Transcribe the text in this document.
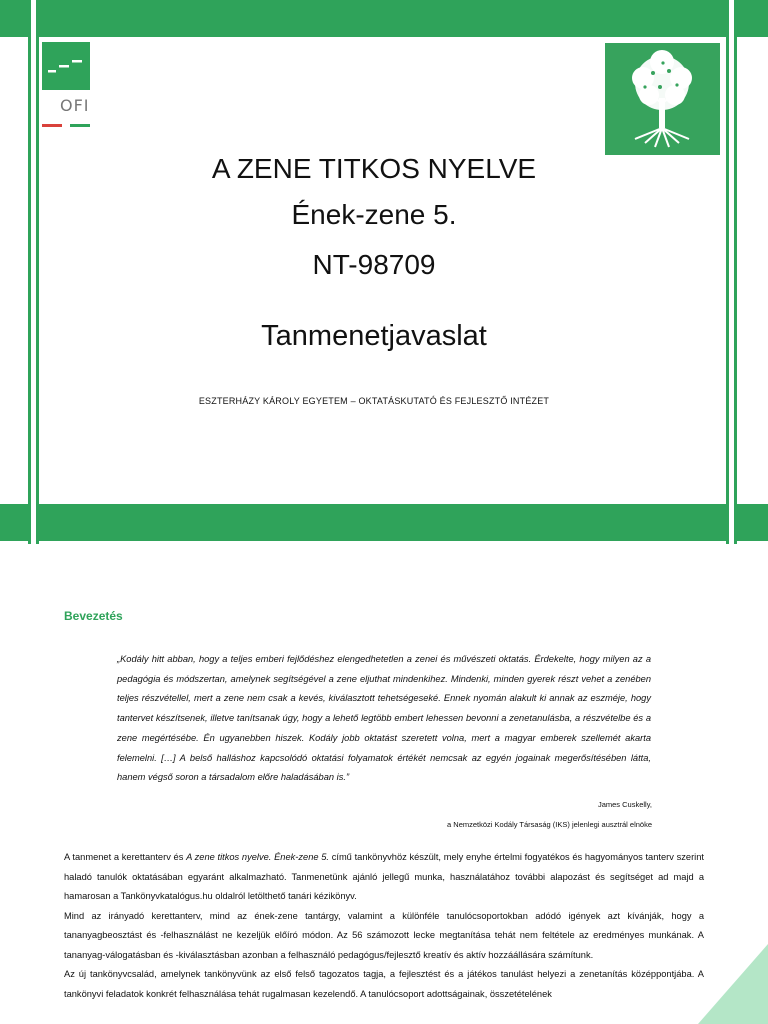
OFI
A ZENE TITKOS NYELVE
Ének-zene 5.
NT-98709
Tanmenetjavaslat
ESZTERHÁZY KÁROLY EGYETEM – OKTATÁSKUTATÓ ÉS FEJLESZTŐ INTÉZET
Bevezetés
„Kodály hitt abban, hogy a teljes emberi fejlődéshez elengedhetetlen a zenei és művészeti oktatás. Érdekelte, hogy milyen az a pedagógia és módszertan, amelynek segítségével a zene eljuthat mindenkihez. Mindenki, minden gyerek részt vehet a zenében teljes részvétellel, mert a zene nem csak a kevés, kiválasztott tehetségeseké. Ennek nyomán alakult ki annak az eszméje, hogy tantervet készítsenek, illetve tanítsanak úgy, hogy a lehető legtöbb embert lehessen bevonni a zenetanulásba, a részvételbe és a zene megértésébe. Én ugyanebben hiszek. Kodály jobb oktatást szeretett volna, mert a magyar emberek szellemét akarta felemelni. […] A belső halláshoz kapcsolódó oktatási folyamatok értékét nemcsak az egyén jogainak megerősítésében látta, hanem végső soron a társadalom előre haladásában is.”
James Cuskelly,
a Nemzetközi Kodály Társaság (IKS) jelenlegi ausztrál elnöke

A tanmenet a kerettanterv és A zene titkos nyelve. Ének-zene 5. című tankönyvhöz készült, mely enyhe értelmi fogyatékos és hagyományos tanterv szerint haladó tanulók oktatásában egyaránt alkalmazható. Tanmenetünk ajánló jellegű munka, használatához további alapozást és segítséget ad majd a hamarosan a Tankönyvkatalógus.hu oldalról letölthető tanári kézikönyv.

Mind az irányadó kerettanterv, mind az ének-zene tantárgy, valamint a különféle tanulócsoportokban adódó igények azt kívánják, hogy a tananyagbeosztást és -felhasználást ne kezeljük előíró módon. Az 56 számozott lecke megtanítása tehát nem feltétele az eredményes munkának. A tananyag-válogatásban és -kiválasztásban azonban a felhasználó pedagógus/fejlesztő kreatív és aktív hozzáállására számítunk.

Az új tankönyvcsalád, amelynek tankönyvünk az első felső tagozatos tagja, a fejlesztést és a játékos tanulást helyezi a zenetanítás középpontjába. A tankönyvi feladatok konkrét felhasználása tehát rugalmasan kezelendő. A tanulócsoport adottságainak, összetételének
